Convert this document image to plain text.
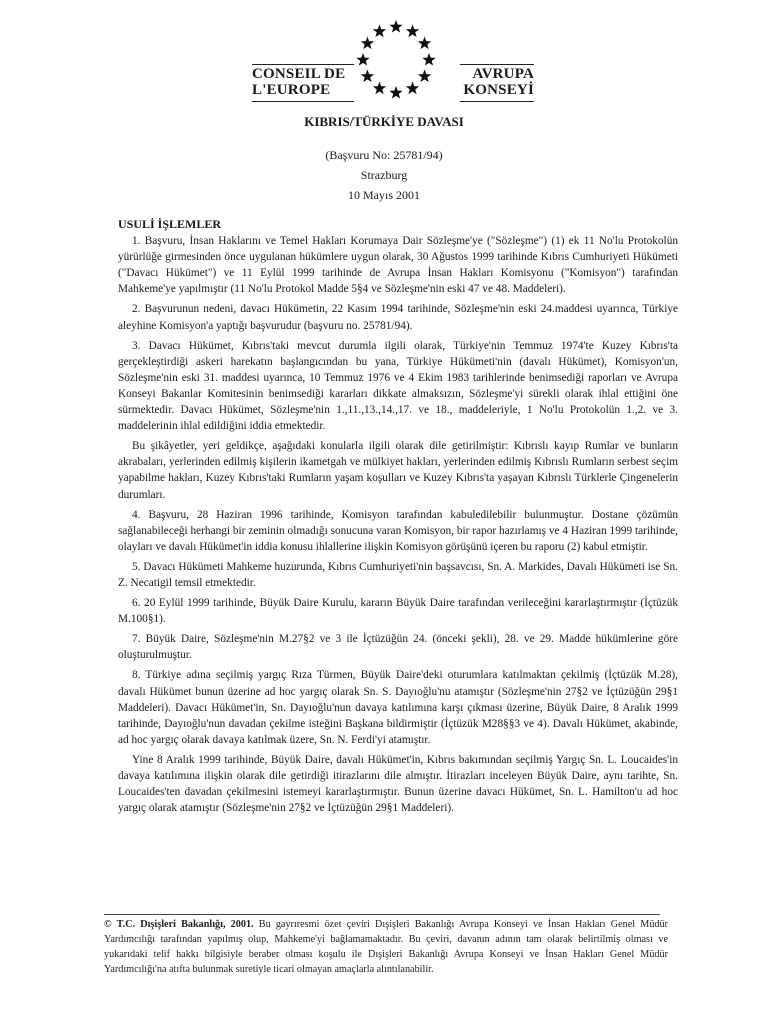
CONSEIL DE
L'EUROPE
AVRUPA
KONSEYİ
KIBRIS/TÜRKİYE DAVASI
(Başvuru No: 25781/94)
Strazburg
10 Mayıs 2001
USULİ İŞLEMLER

1. Başvuru, İnsan Haklarını ve Temel Hakları Korumaya Dair Sözleşme'ye ("Sözleşme") (1) ek 11 No'lu Protokolün yürürlüğe girmesinden önce uygulanan hükümlere uygun olarak, 30 Ağustos 1999 tarihinde Kıbrıs Cumhuriyeti Hükümeti ("Davacı Hükümet") ve 11 Eylül 1999 tarihinde de Avrupa İnsan Hakları Komisyonu ("Komisyon") tarafından Mahkeme'ye yapılmıştır (11 No'lu Protokol Madde 5§4 ve Sözleşme'nin eski 47 ve 48. Maddeleri).

2. Başvurunun nedeni, davacı Hükümetin, 22 Kasım 1994 tarihinde, Sözleşme'nin eski 24.maddesi uyarınca, Türkiye aleyhine Komisyon'a yaptığı başvurudur (başvuru no. 25781/94).

3. Davacı Hükümet, Kıbrıs'taki mevcut durumla ilgili olarak, Türkiye'nin Temmuz 1974'te Kuzey Kıbrıs'ta gerçekleştirdiği askeri harekatın başlangıcından bu yana, Türkiye Hükümeti'nin (davalı Hükümet), Komisyon'un, Sözleşme'nin eski 31. maddesi uyarınca, 10 Temmuz 1976 ve 4 Ekim 1983 tarihlerinde benimsediği raporları ve Avrupa Konseyi Bakanlar Komitesinin benimsediği kararları dikkate almaksızın, Sözleşme'yi sürekli olarak ihlal ettiğini öne sürmektedir. Davacı Hükümet, Sözleşme'nin 1.,11.,13.,14.,17. ve 18., maddeleriyle, 1 No'lu Protokolün 1.,2. ve 3. maddelerinin ihlal edildiğini iddia etmektedir.

Bu şikâyetler, yeri geldikçe, aşağıdaki konularla ilgili olarak dile getirilmiştir: Kıbrıslı kayıp Rumlar ve bunların akrabaları, yerlerinden edilmiş kişilerin ikametgah ve mülkiyet hakları, yerlerinden edilmiş Kıbrıslı Rumların serbest seçim yapabilme hakları, Kuzey Kıbrıs'taki Rumların yaşam koşulları ve Kuzey Kıbrıs'ta yaşayan Kıbrıslı Türklerle Çingenelerin durumları.

4. Başvuru, 28 Haziran 1996 tarihinde, Komisyon tarafından kabuledilebilir bulunmuştur. Dostane çözümün sağlanabileceği herhangi bir zeminin olmadığı sonucuna varan Komisyon, bir rapor hazırlamış ve 4 Haziran 1999 tarihinde, olayları ve davalı Hükümet'in iddia konusu ihlallerine ilişkin Komisyon görüşünü içeren bu raporu (2) kabul etmiştir.

5. Davacı Hükümeti Mahkeme huzurunda, Kıbrıs Cumhuriyeti'nin başsavcısı, Sn. A. Markides, Davalı Hükümeti ise Sn. Z. Necatigil temsil etmektedir.

6. 20 Eylül 1999 tarihinde, Büyük Daire Kurulu, kararın Büyük Daire tarafından verileceğini kararlaştırmıştır (İçtüzük M.100§1).

7. Büyük Daire, Sözleşme'nin M.27§2 ve 3 ile İçtüzüğün 24. (önceki şekli), 28. ve 29. Madde hükümlerine göre oluşturulmuştur.

8. Türkiye adına seçilmiş yargıç Rıza Türmen, Büyük Daire'deki oturumlara katılmaktan çekilmiş (İçtüzük M.28), davalı Hükümet bunun üzerine ad hoc yargıç olarak Sn. S. Dayıoğlu'nu atamıştır (Sözleşme'nin 27§2 ve İçtüzüğün 29§1 Maddeleri). Davacı Hükümet'in, Sn. Dayıoğlu'nun davaya katılımına karşı çıkması üzerine, Büyük Daire, 8 Aralık 1999 tarihinde, Dayıoğlu'nun davadan çekilme isteğini Başkana bildirmiştir (İçtüzük M28§§3 ve 4). Davalı Hükümet, akabinde, ad hoc yargıç olarak davaya katılmak üzere, Sn. N. Ferdi'yi atamıştır.

Yine 8 Aralık 1999 tarihinde, Büyük Daire, davalı Hükümet'in, Kıbrıs bakımından seçilmiş Yargıç Sn. L. Loucaides'in davaya katılımına ilişkin olarak dile getirdiği itirazlarını dile almıştır. İtirazları inceleyen Büyük Daire, aynı tarihte, Sn. Loucaides'ten davadan çekilmesini istemeyi kararlaştırmıştır. Bunun üzerine davacı Hükümet, Sn. L. Hamilton'u ad hoc yargıç olarak atamıştır (Sözleşme'nin 27§2 ve İçtüzüğün 29§1 Maddeleri).

© T.C. Dışişleri Bakanlığı, 2001. Bu gayrıresmi özet çeviri Dışişleri Bakanlığı Avrupa Konseyi ve İnsan Hakları Genel Müdür Yardımcılığı tarafından yapılmış olup, Mahkeme'yi bağlamamaktadır. Bu çeviri, davanın adının tam olarak belirtilmiş olması ve yukarıdaki telif hakkı bilgisiyle beraber olması koşulu ile Dışişleri Bakanlığı Avrupa Konseyi ve İnsan Hakları Genel Müdür Yardımcılığı'na atıfta bulunmak suretiyle ticari olmayan amaçlarla alıntılanabilir.
